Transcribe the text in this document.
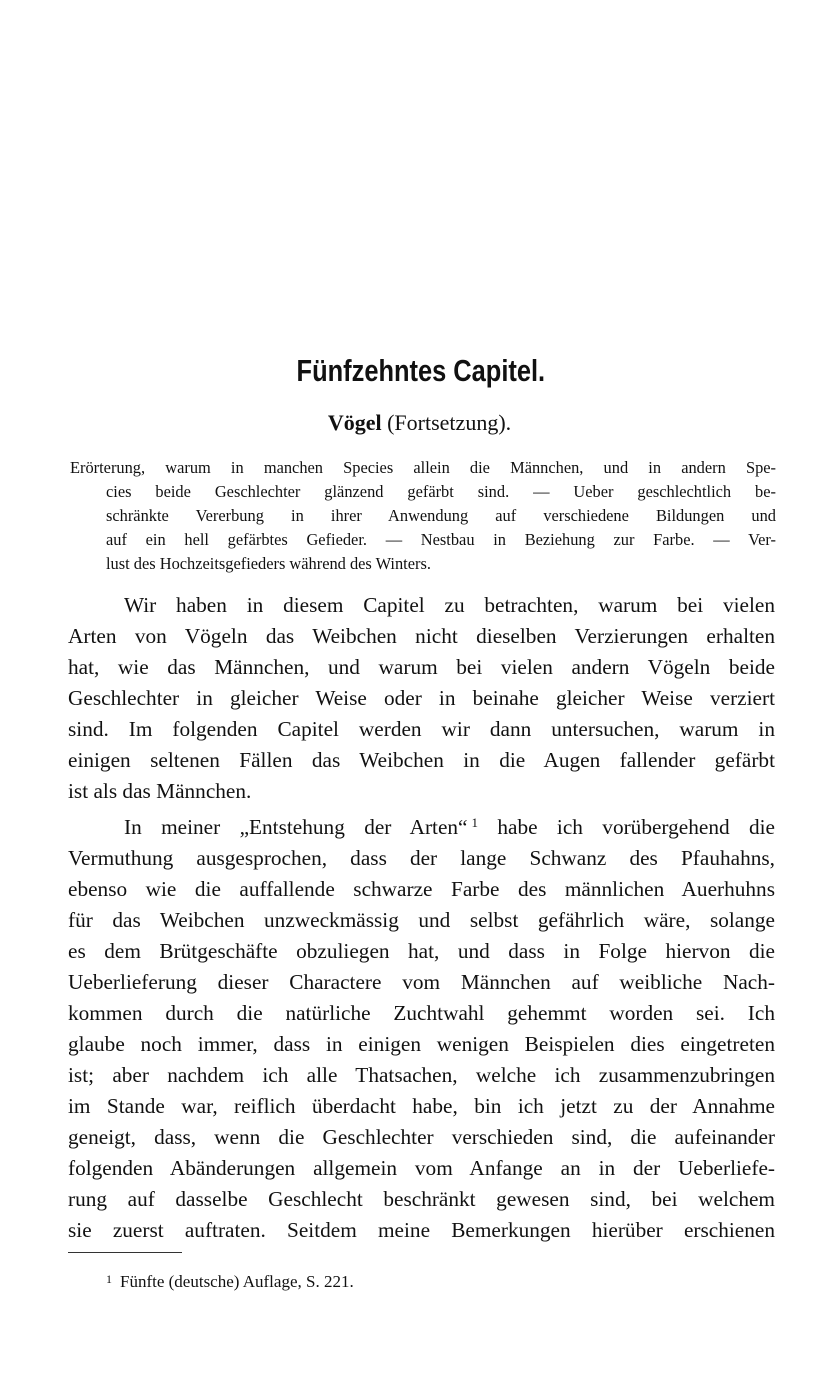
Fünfzehntes Capitel.
Vögel (Fortsetzung).
Erörterung, warum in manchen Species allein die Männchen, und in andern Spe-
cies beide Geschlechter glänzend gefärbt sind. — Ueber geschlechtlich be-
schränkte Vererbung in ihrer Anwendung auf verschiedene Bildungen und
auf ein hell gefärbtes Gefieder. — Nestbau in Beziehung zur Farbe. — Ver-
lust des Hochzeitsgefieders während des Winters.
Wir haben in diesem Capitel zu betrachten, warum bei vielen
Arten von Vögeln das Weibchen nicht dieselben Verzierungen erhalten
hat, wie das Männchen, und warum bei vielen andern Vögeln beide
Geschlechter in gleicher Weise oder in beinahe gleicher Weise verziert
sind. Im folgenden Capitel werden wir dann untersuchen, warum in
einigen seltenen Fällen das Weibchen in die Augen fallender gefärbt
ist als das Männchen.
In meiner „Entstehung der Arten“ $^1$ habe ich vorübergehend die
Vermuthung ausgesprochen, dass der lange Schwanz des Pfauhahns,
ebenso wie die auffallende schwarze Farbe des männlichen Auerhuhns
für das Weibchen unzweckmässig und selbst gefährlich wäre, solange
es dem Brütgeschäfte obzuliegen hat, und dass in Folge hiervon die
Ueberlieferung dieser Charactere vom Männchen auf weibliche Nach-
kommen durch die natürliche Zuchtwahl gehemmt worden sei. Ich
glaube noch immer, dass in einigen wenigen Beispielen dies eingetreten
ist; aber nachdem ich alle Thatsachen, welche ich zusammenzubringen
im Stande war, reiflich überdacht habe, bin ich jetzt zu der Annahme
geneigt, dass, wenn die Geschlechter verschieden sind, die aufeinander
folgenden Abänderungen allgemein vom Anfange an in der Ueberliefe-
rung auf dasselbe Geschlecht beschränkt gewesen sind, bei welchem
sie zuerst auftraten. Seitdem meine Bemerkungen hierüber erschienen
$^1$ Fünfte (deutsche) Auflage, S. 221.
